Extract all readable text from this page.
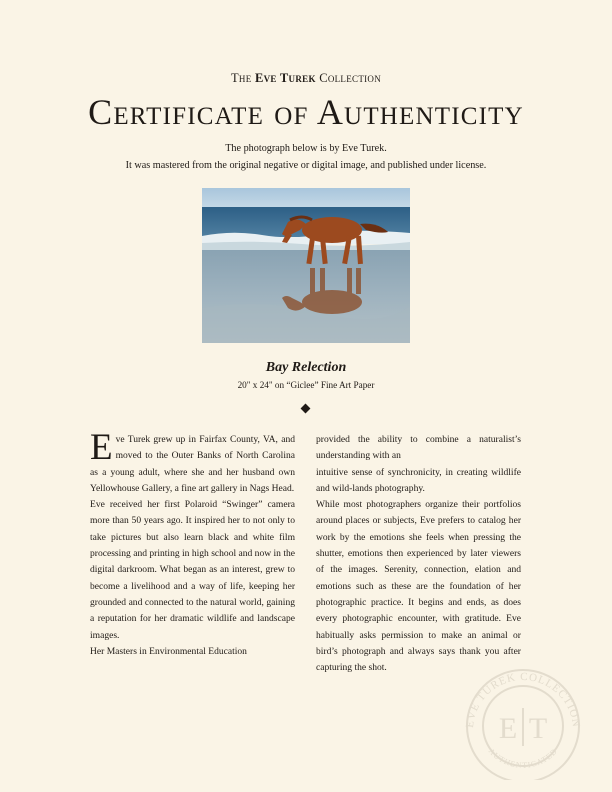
The Eve Turek Collection
Certificate of Authenticity
The photograph below is by Eve Turek.
It was mastered from the original negative or digital image, and published under license.
Bay Relection
20" x 24" on “Giclee” Fine Art Paper

Eve Turek grew up in Fairfax County, VA, and moved to the Outer Banks of North Carolina as a young adult, where she and her husband own Yellowhouse Gallery, a fine art gallery in Nags Head.

Eve received her first Polaroid “Swinger” camera more than 50 years ago. It inspired her to not only to take pictures but also learn black and white film processing and printing in high school and now in the digital darkroom. What began as an interest, grew to become a livelihood and a way of life, keeping her grounded and connected to the natural world, gaining a reputation for her dramatic wildlife and landscape images.

Her Masters in Environmental Education

provided the ability to combine a naturalist’s understanding with an

intuitive sense of synchronicity, in creating wildlife and wild-lands photography.

While most photographers organize their portfolios around places or subjects, Eve prefers to catalog her work by the emotions she feels when pressing the shutter, emotions then experienced by later viewers of the images. Serenity, connection, elation and emotions such as these are the foundation of her photographic practice. It begins and ends, as does every photographic encounter, with gratitude. Eve habitually asks permission to make an animal or bird’s photograph and always says thank you after capturing the shot.

EVE TUREK COLLECTION
AUTHENTICATED
E T
